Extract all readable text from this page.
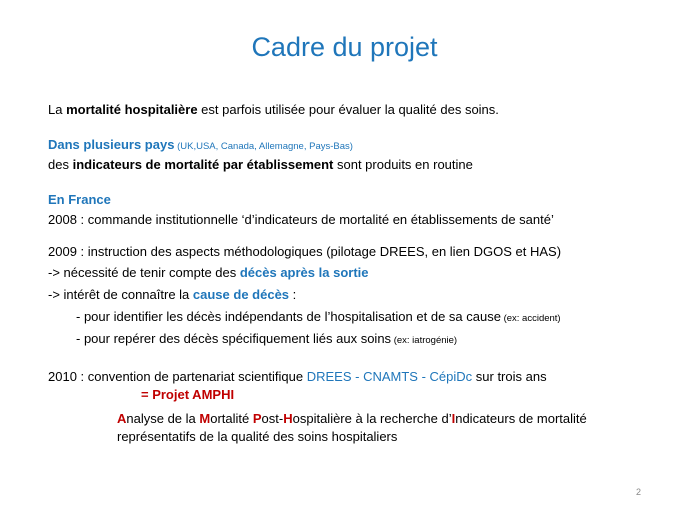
Cadre du projet
La mortalité hospitalière est parfois utilisée pour évaluer la qualité des soins.
Dans plusieurs pays (UK,USA, Canada, Allemagne, Pays-Bas)
des indicateurs de mortalité par établissement sont produits en routine
En France
2008 : commande institutionnelle ‘d’indicateurs de mortalité en établissements de santé’
2009 : instruction des aspects méthodologiques (pilotage DREES, en lien DGOS et HAS)
-> nécessité de tenir compte des décès après la sortie
-> intérêt de connaître la cause de décès :
- pour identifier les décès indépendants de l’hospitalisation et de sa cause (ex: accident)
- pour repérer des décès spécifiquement liés aux soins (ex: iatrogénie)
2010 : convention de partenariat scientifique DREES - CNAMTS - CépiDc sur trois ans
= Projet AMPHI
Analyse de la Mortalité Post-Hospitalière à la recherche d’Indicateurs de mortalité
représentatifs de la qualité des soins hospitaliers
2
